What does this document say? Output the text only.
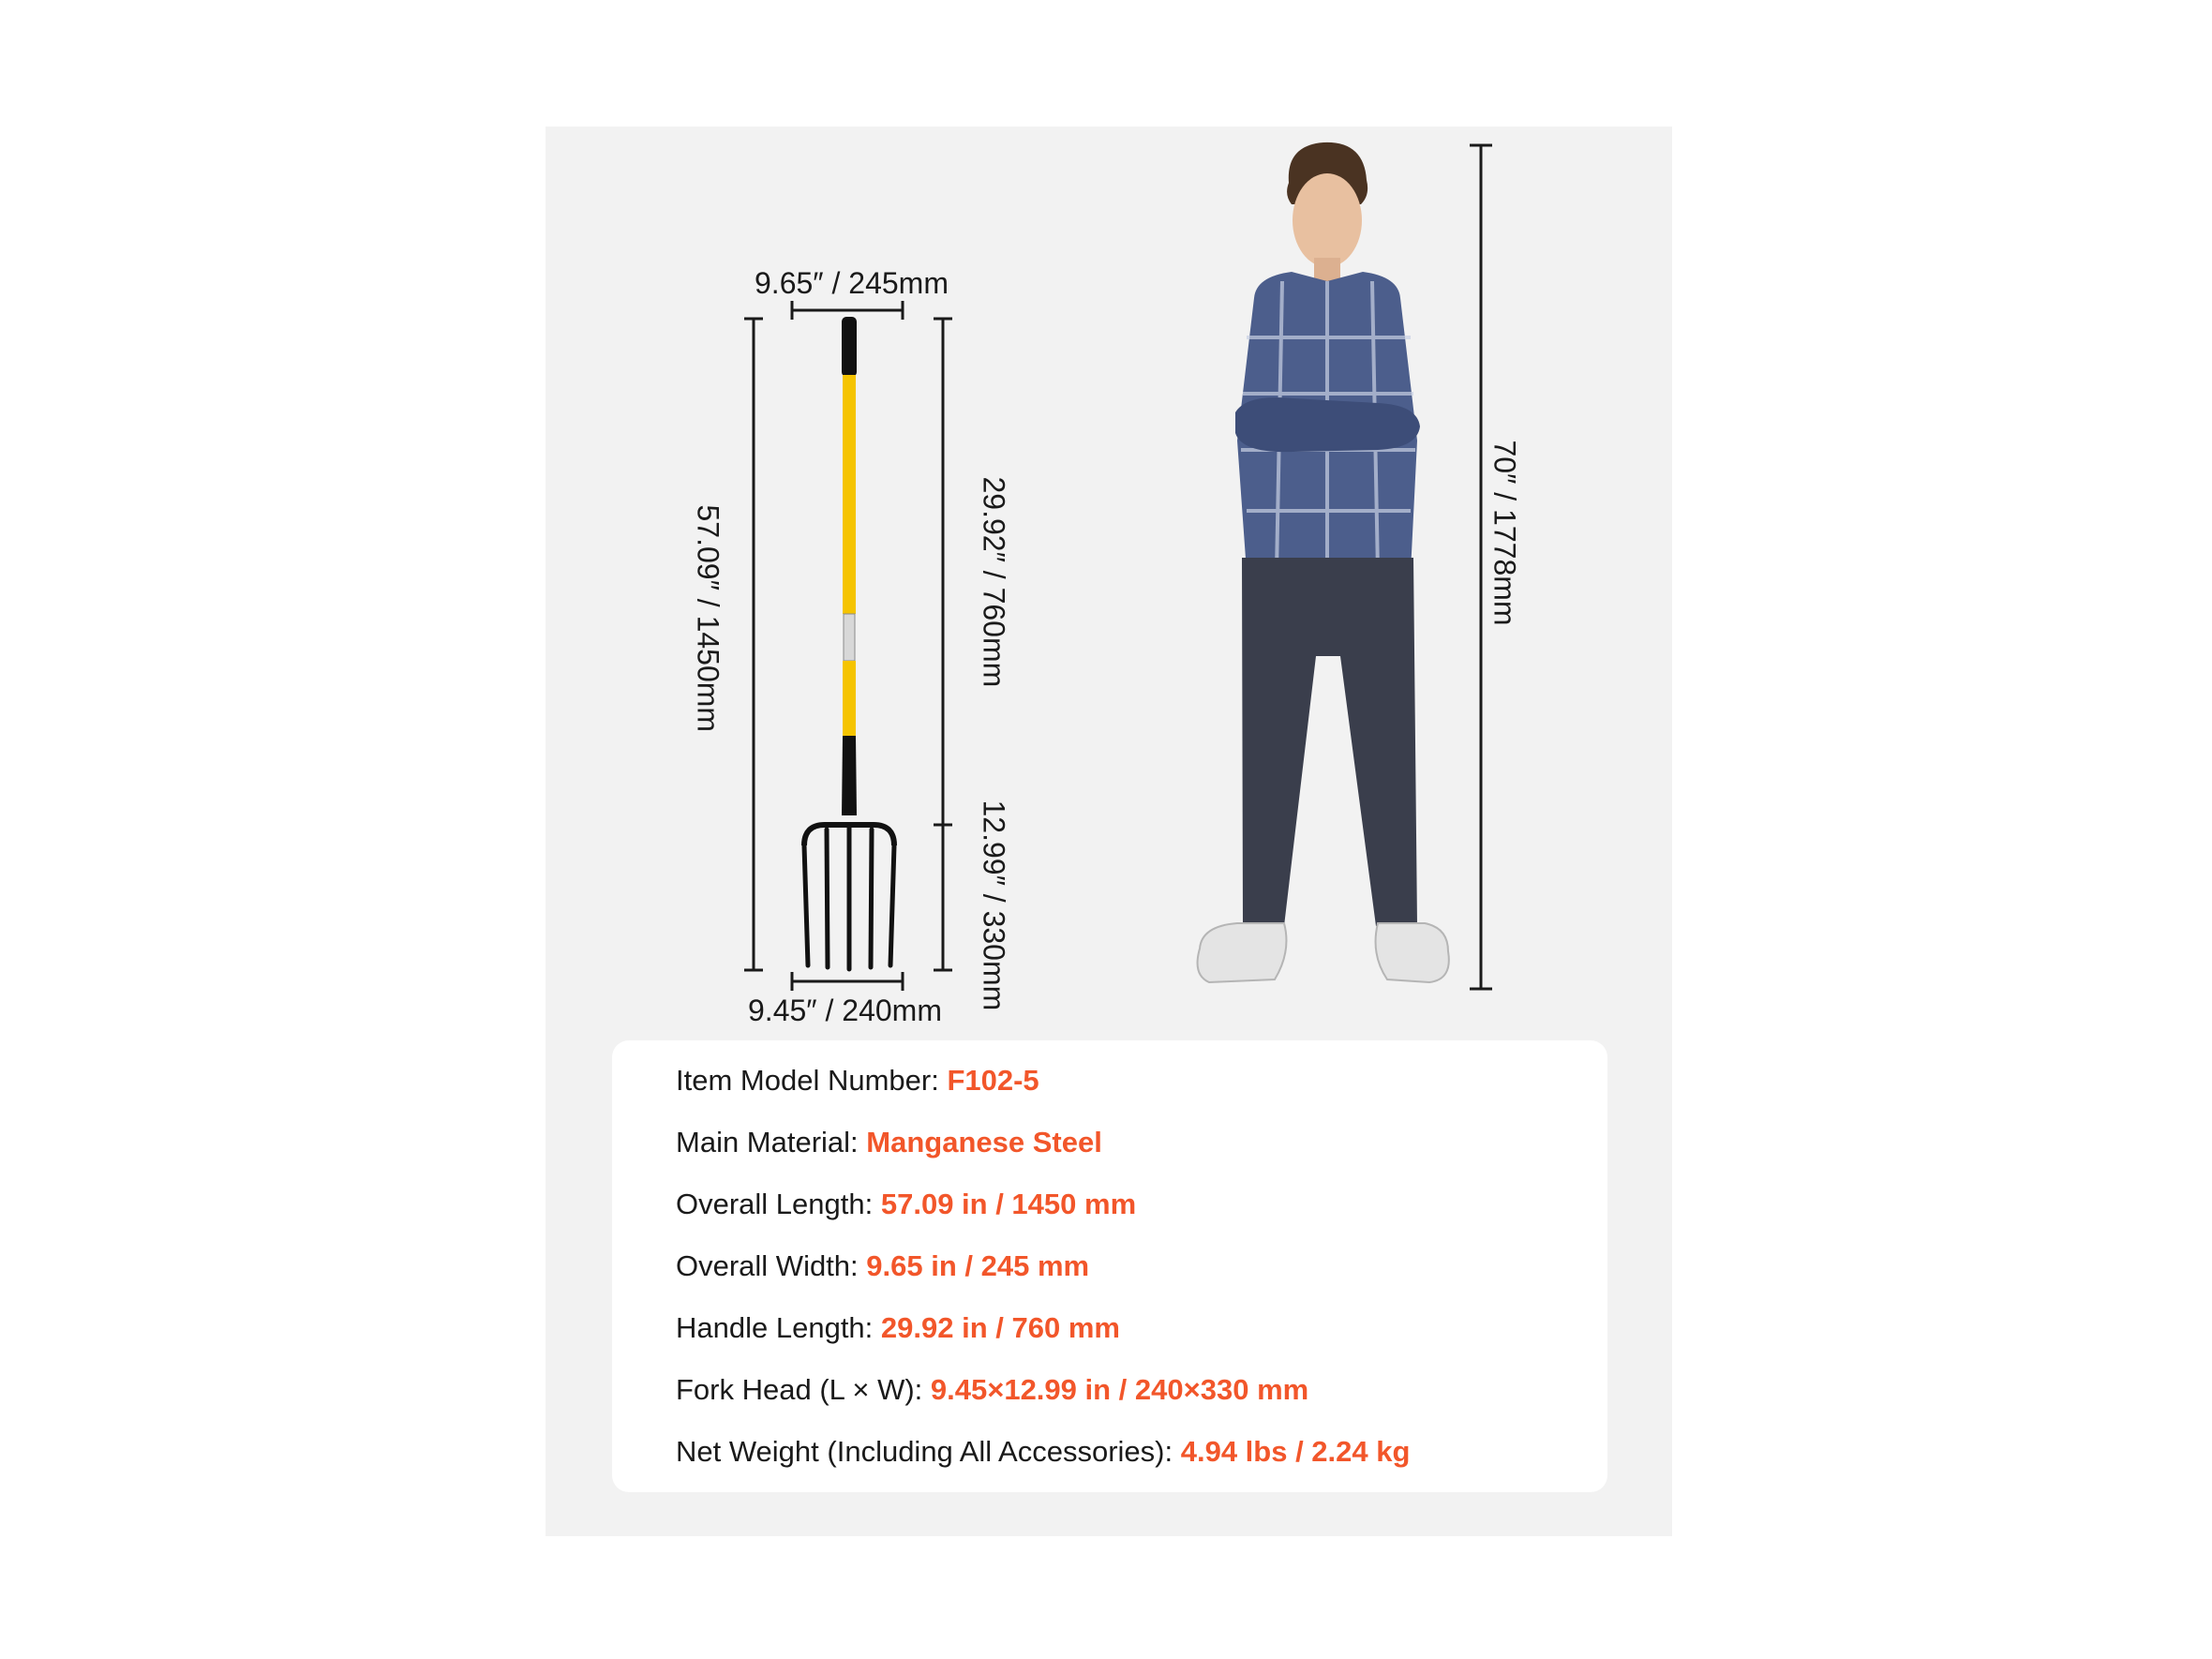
9.65″ / 245mm
9.45″ / 240mm
57.09″ / 1450mm	29.92″ / 760mm
12.99″ / 330mm
70″ / 1778mm
Item Model Number: F102-5
Main Material: Manganese Steel
Overall Length: 57.09 in / 1450 mm
Overall Width: 9.65 in / 245 mm
Handle Length: 29.92 in / 760 mm
Fork Head (L × W): 9.45×12.99 in / 240×330 mm
Net Weight (Including All Accessories): 4.94 lbs / 2.24 kg
